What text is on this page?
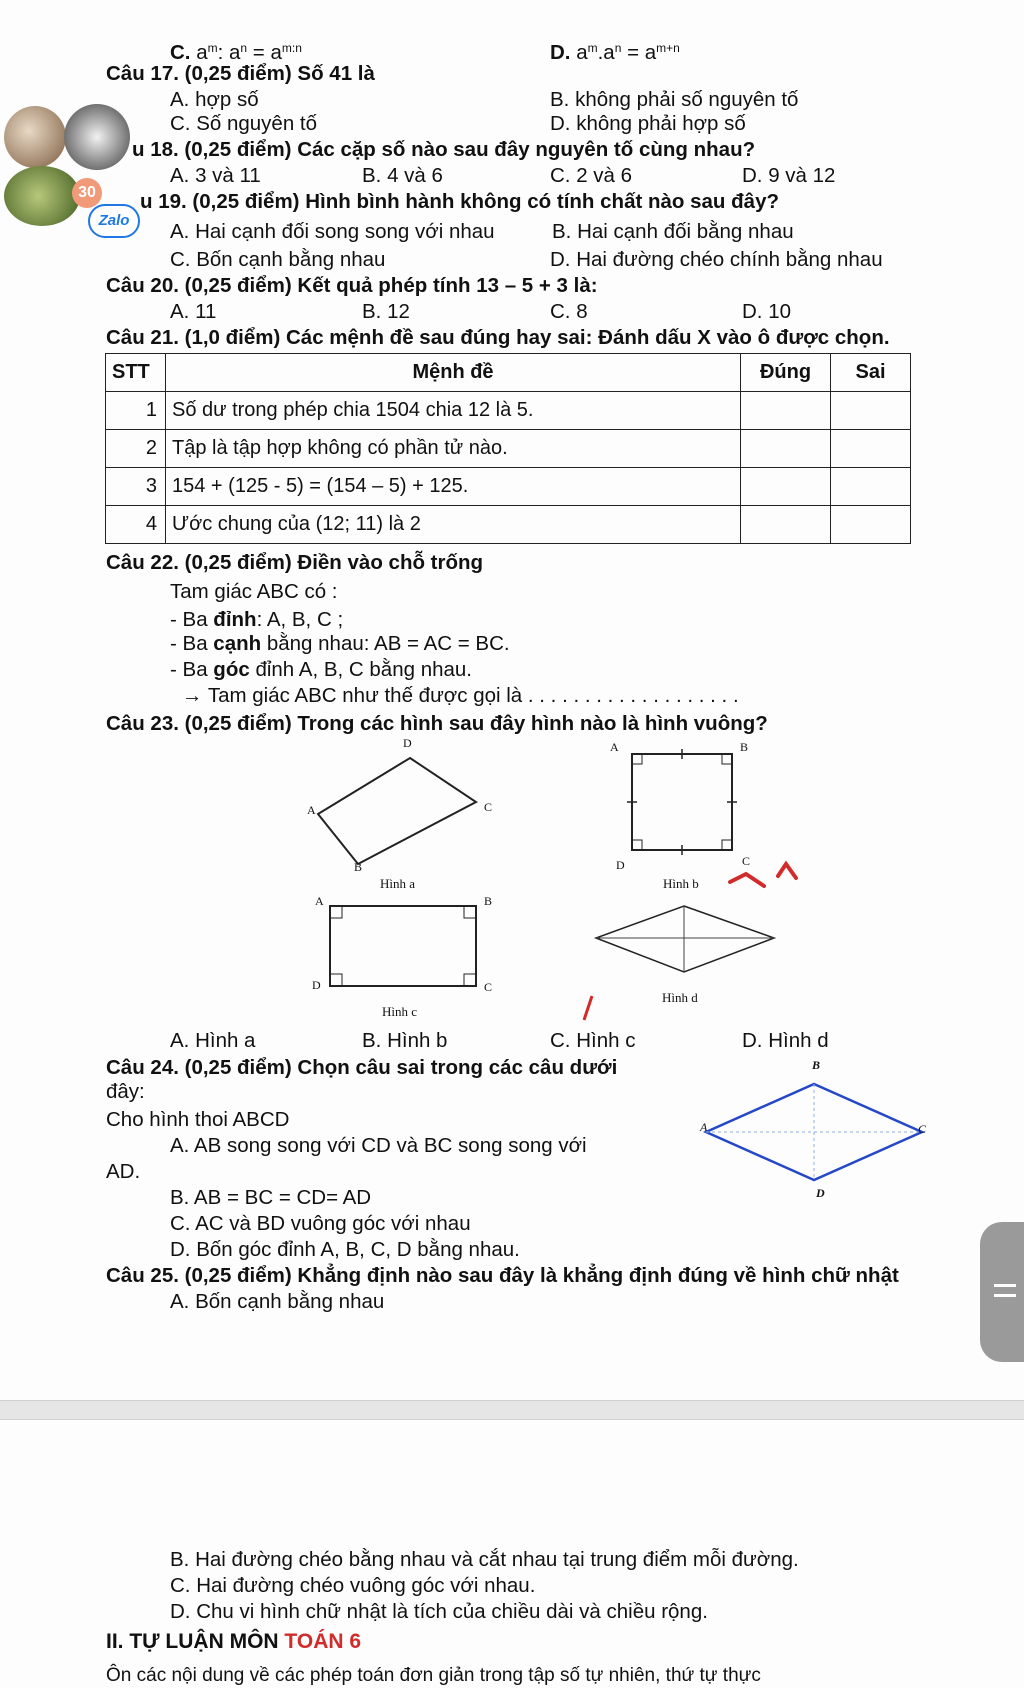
C. $a^m$: $a^n = a^{m:n}$	D. $a^m.a^n = a^{m+n}$
Câu 17. (0,25 điểm) Số 41 là
A. hợp số	B. không phải số nguyên tố
C. Số nguyên tố	D. không phải hợp số
u 18. (0,25 điểm) Các cặp số nào sau đây nguyên tố cùng nhau?
A. 3 và 11	B. 4 và 6	C. 2 và 6	D. 9 và 12
u 19. (0,25 điểm) Hình bình hành không có tính chất nào sau đây?
A. Hai cạnh đối song song với nhau	B. Hai cạnh đối bằng nhau
C. Bốn cạnh bằng nhau	D. Hai đường chéo chính bằng nhau
Câu 20. (0,25 điểm) Kết quả phép tính 13 – 5 + 3 là:
A. 11	B. 12	C. 8	D. 10
Câu 21. (1,0 điểm) Các mệnh đề sau đúng hay sai: Đánh dấu X vào ô được chọn.
STT	Mệnh đề	Đúng	Sai
1	Số dư trong phép chia 1504 chia 12 là 5.		
2	Tập là tập hợp không có phần tử nào.		
3	154 + (125 - 5) = (154 – 5) + 125.		
4	Ước chung của (12; 11) là 2		
Câu 22. (0,25 điểm) Điền vào chỗ trống
Tam giác ABC có :
- Ba đỉnh: A, B, C ;
- Ba cạnh bằng nhau: AB = AC = BC.
- Ba góc đỉnh A, B, C bằng nhau.
→ Tam giác ABC như thế được gọi là . . . . . . . . . . . . . . . . . . .
Câu 23. (0,25 điểm) Trong các hình sau đây hình nào là hình vuông?
D
A	C
B
Hình a
A	B
D	C
Hình b
A	B
D	C
Hình c
Hình d
A. Hình a	B. Hình b	C. Hình c	D. Hình d
Câu 24. (0,25 điểm) Chọn câu sai trong các câu dưới
đây:
Cho hình thoi ABCD
A. AB song song với CD và BC song song với
AD.
B. AB = BC = CD= AD
C. AC và BD vuông góc với nhau
D. Bốn góc đỉnh A, B, C, D bằng nhau.
B
A	C
D
Câu 25. (0,25 điểm) Khẳng định nào sau đây là khẳng định đúng về hình chữ nhật
A. Bốn cạnh bằng nhau
30
Zalo
B. Hai đường chéo bằng nhau và cắt nhau tại trung điểm mỗi đường.
C. Hai đường chéo vuông góc với nhau.
D. Chu vi hình chữ nhật là tích của chiều dài và chiều rộng.
II. TỰ LUẬN MÔN TOÁN 6
Ôn các nội dung về các phép toán đơn giản trong tập số tự nhiên, thứ tự thực
